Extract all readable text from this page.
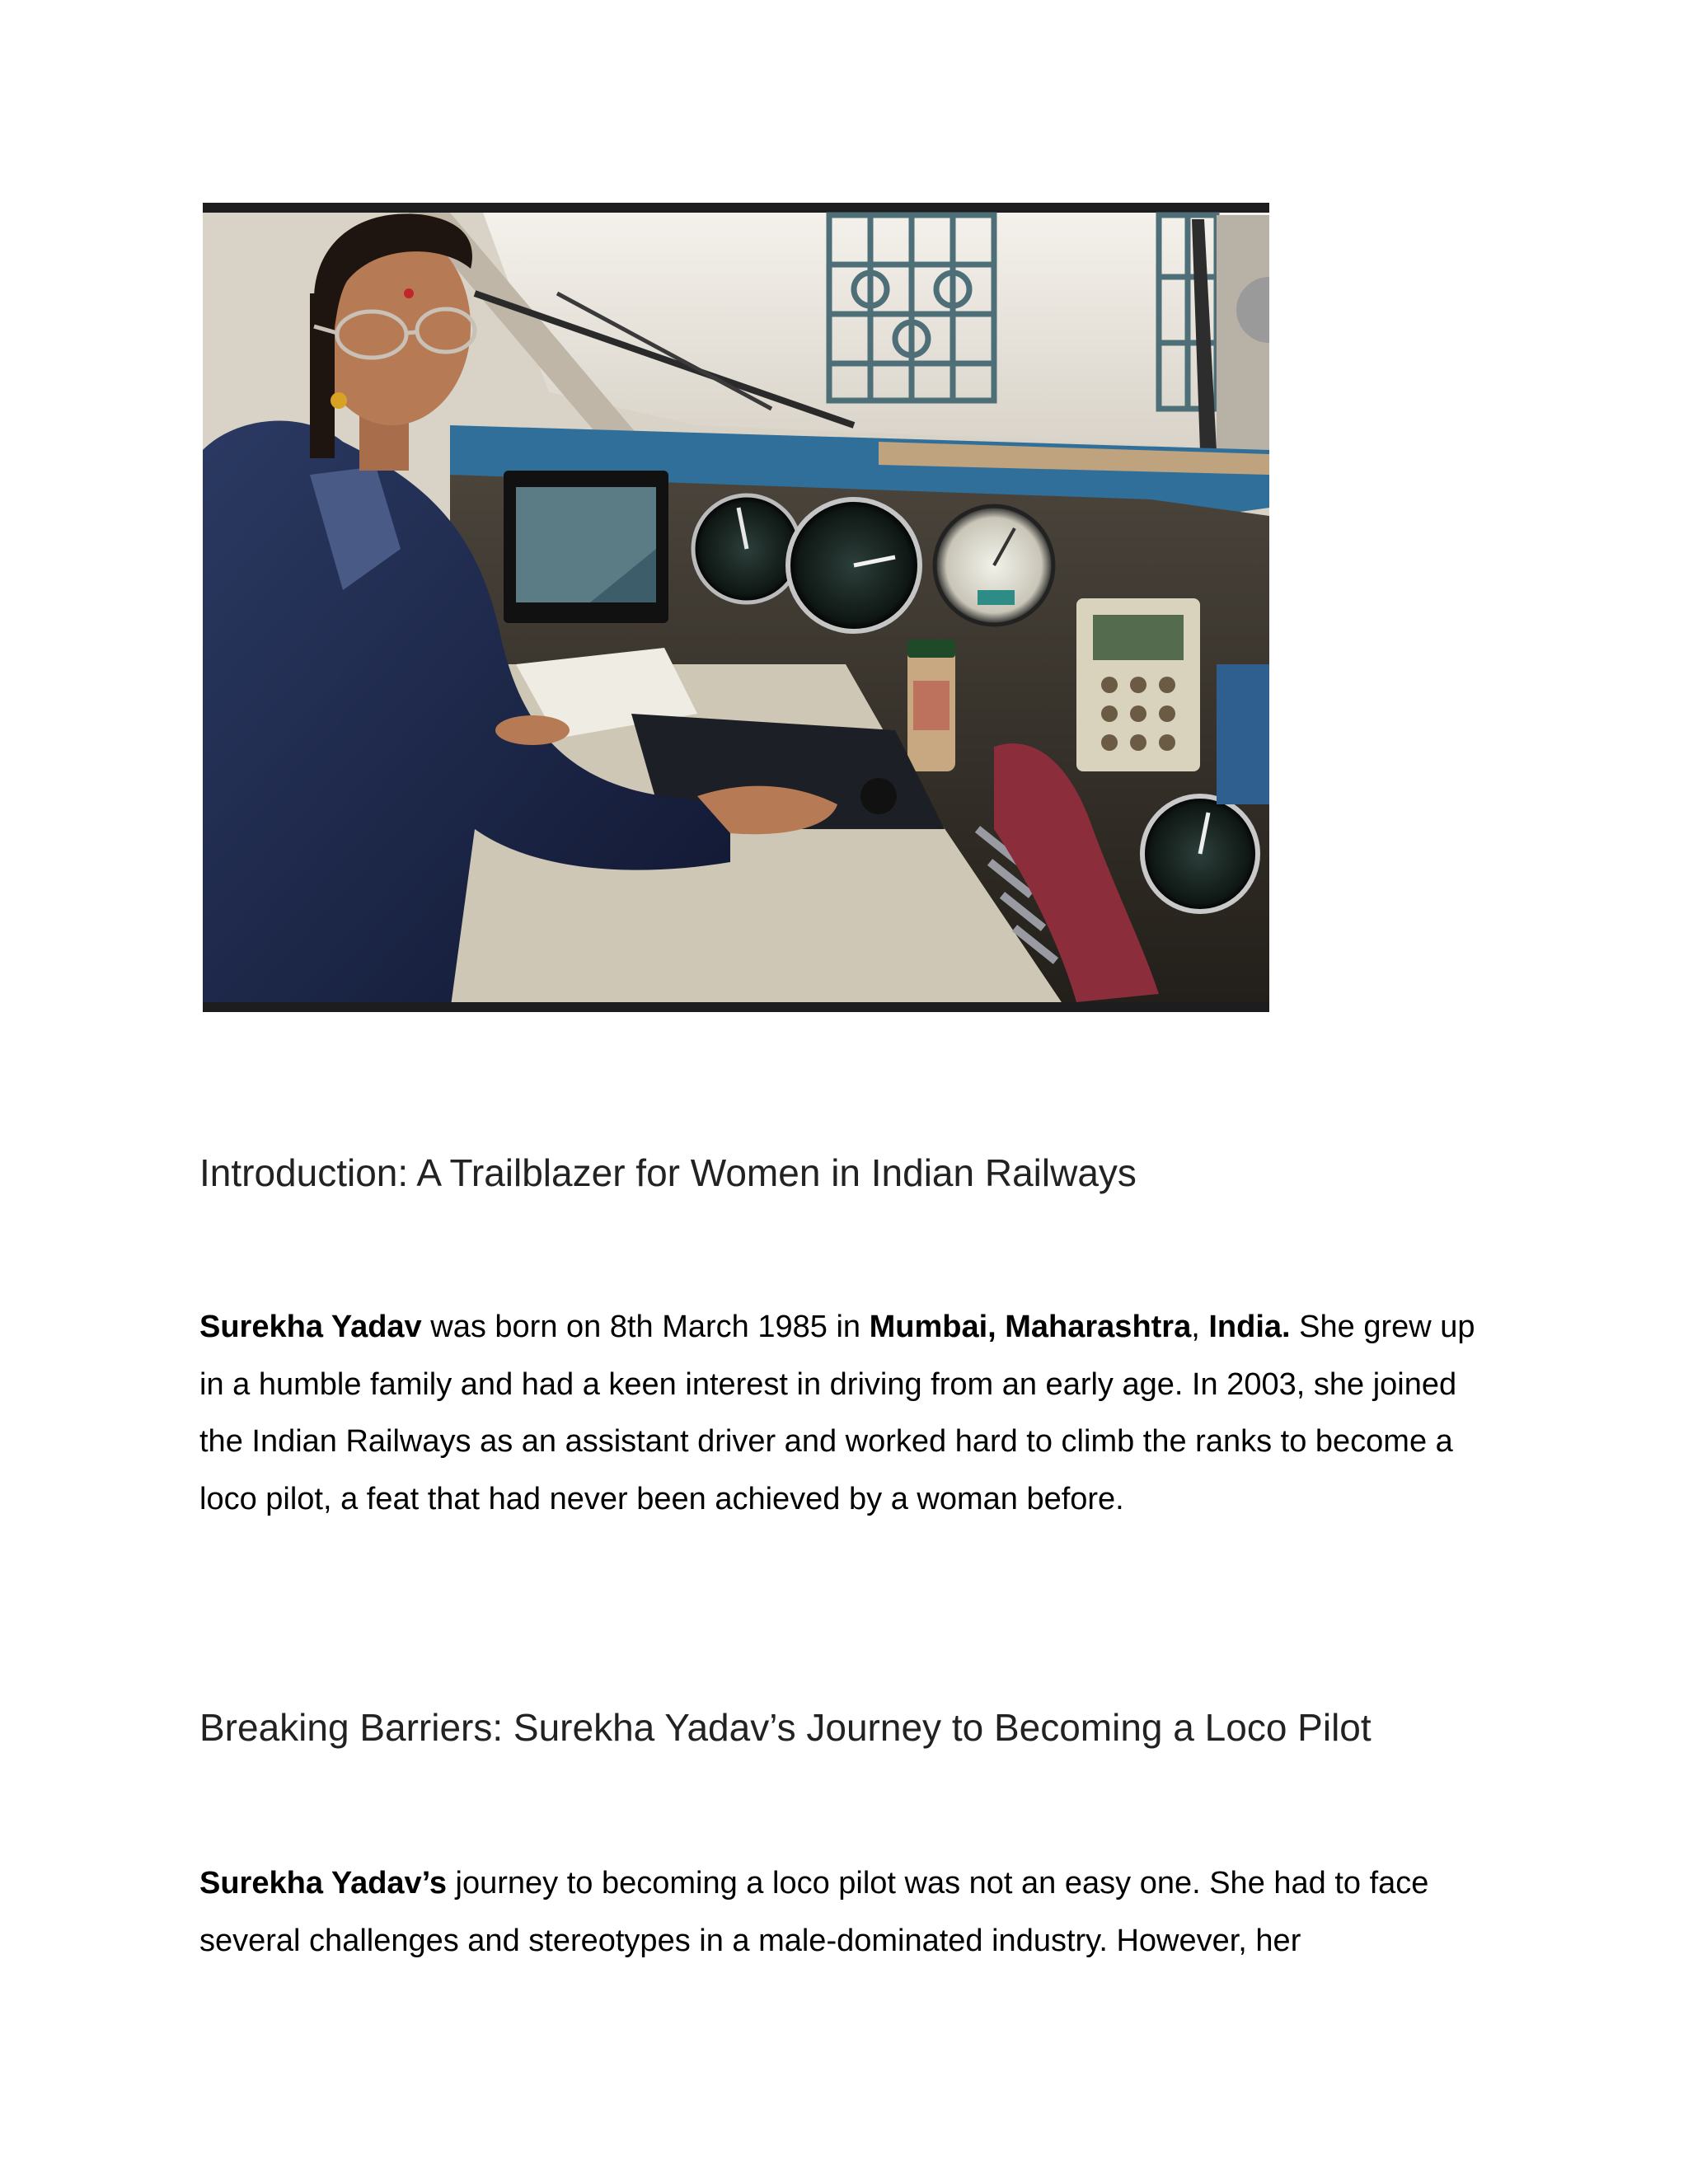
Introduction: A Trailblazer for Women in Indian Railways

Surekha Yadav was born on 8th March 1985 in Mumbai, Maharashtra, India. She grew up in a humble family and had a keen interest in driving from an early age. In 2003, she joined the Indian Railways as an assistant driver and worked hard to climb the ranks to become a loco pilot, a feat that had never been achieved by a woman before.

Breaking Barriers: Surekha Yadav’s Journey to Becoming a Loco Pilot

Surekha Yadav’s journey to becoming a loco pilot was not an easy one. She had to face several challenges and stereotypes in a male-dominated industry. However, her
